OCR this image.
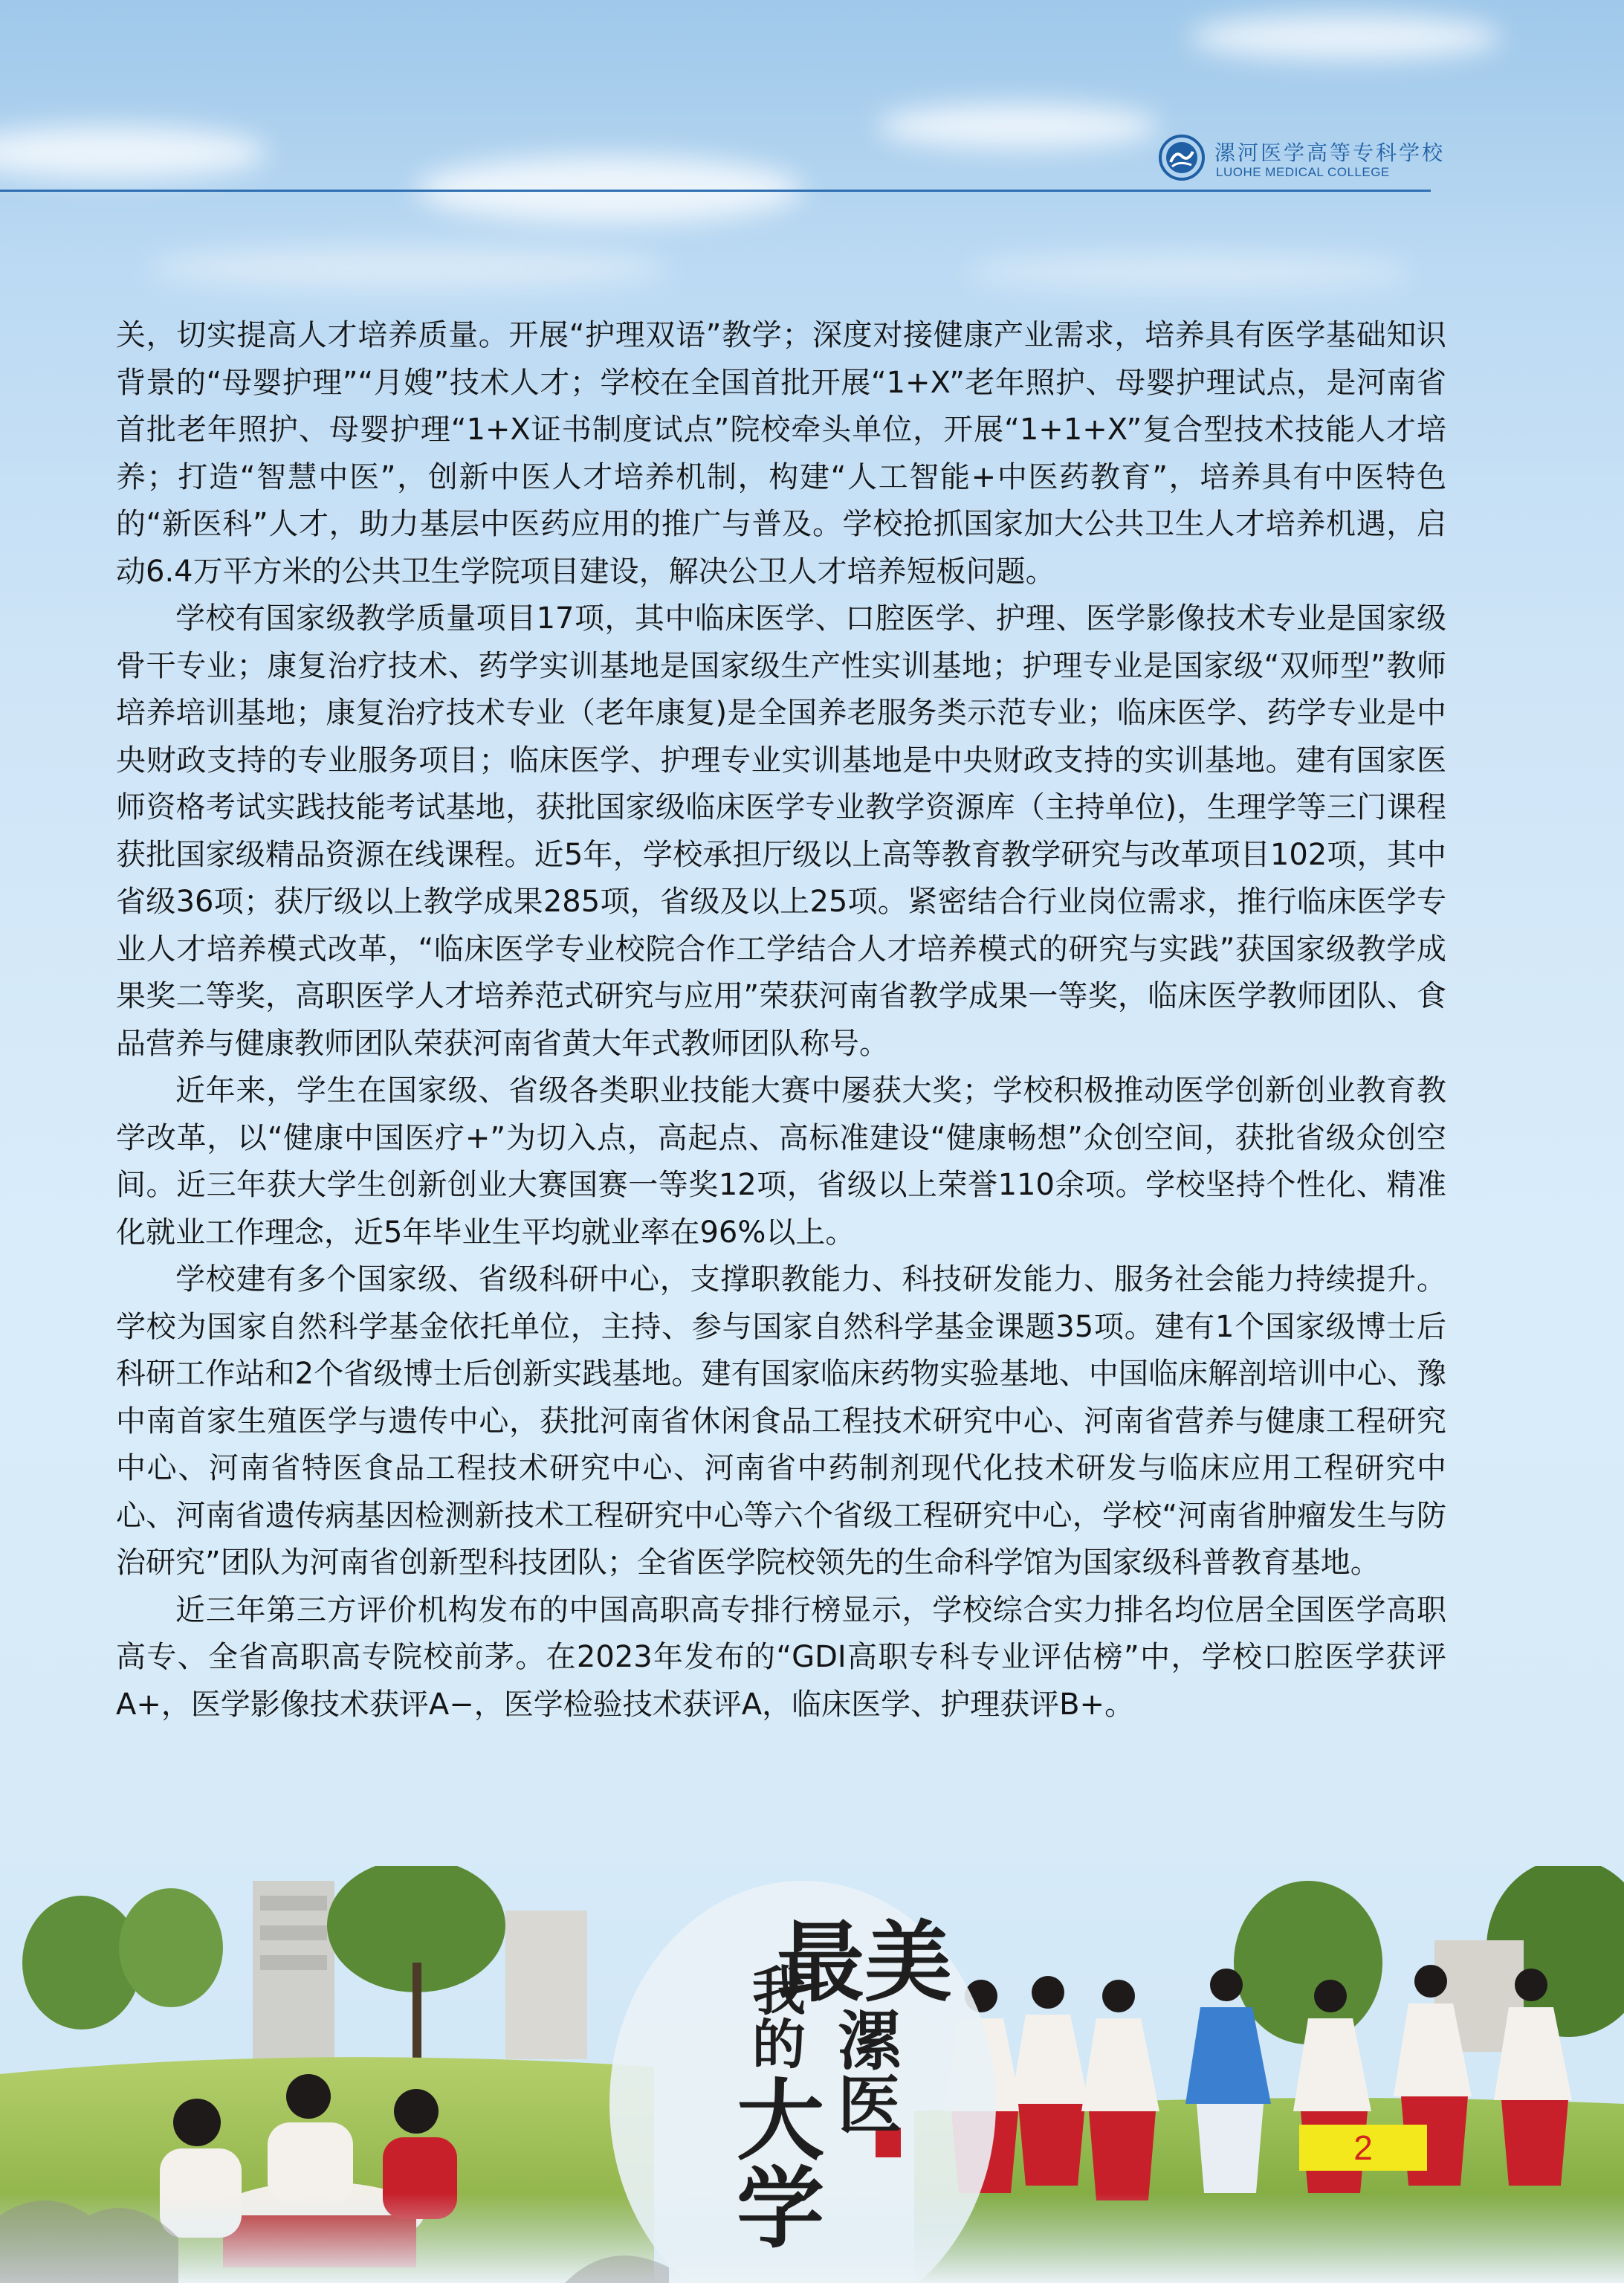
漯河医学高等专科学校
LUOHE MEDICAL COLLEGE

关，切实提高人才培养质量。开展“护理双语”教学；深度对接健康产业需求，培养具有医学基础知识背景的“母婴护理”“月嫂”技术人才；学校在全国首批开展“1+X”老年照护、母婴护理试点，是河南省首批老年照护、母婴护理“1+X证书制度试点”院校牵头单位，开展“1+1+X”复合型技术技能人才培养；打造“智慧中医”，创新中医人才培养机制，构建“人工智能+中医药教育”，培养具有中医特色的“新医科”人才，助力基层中医药应用的推广与普及。学校抢抓国家加大公共卫生人才培养机遇，启动6.4万平方米的公共卫生学院项目建设，解决公卫人才培养短板问题。

学校有国家级教学质量项目17项，其中临床医学、口腔医学、护理、医学影像技术专业是国家级骨干专业；康复治疗技术、药学实训基地是国家级生产性实训基地；护理专业是国家级“双师型”教师培养培训基地；康复治疗技术专业（老年康复)是全国养老服务类示范专业；临床医学、药学专业是中央财政支持的专业服务项目；临床医学、护理专业实训基地是中央财政支持的实训基地。建有国家医师资格考试实践技能考试基地，获批国家级临床医学专业教学资源库（主持单位)，生理学等三门课程获批国家级精品资源在线课程。近5年，学校承担厅级以上高等教育教学研究与改革项目102项，其中省级36项；获厅级以上教学成果285项，省级及以上25项。紧密结合行业岗位需求，推行临床医学专业人才培养模式改革，“临床医学专业校院合作工学结合人才培养模式的研究与实践”获国家级教学成果奖二等奖，高职医学人才培养范式研究与应用”荣获河南省教学成果一等奖，临床医学教师团队、食品营养与健康教师团队荣获河南省黄大年式教师团队称号。

近年来，学生在国家级、省级各类职业技能大赛中屡获大奖；学校积极推动医学创新创业教育教学改革，以“健康中国医疗+”为切入点，高起点、高标准建设“健康畅想”众创空间，获批省级众创空间。近三年获大学生创新创业大赛国赛一等奖12项，省级以上荣誉110余项。学校坚持个性化、精准化就业工作理念，近5年毕业生平均就业率在96%以上。

学校建有多个国家级、省级科研中心，支撑职教能力、科技研发能力、服务社会能力持续提升。学校为国家自然科学基金依托单位，主持、参与国家自然科学基金课题35项。建有1个国家级博士后科研工作站和2个省级博士后创新实践基地。建有国家临床药物实验基地、中国临床解剖培训中心、豫中南首家生殖医学与遗传中心，获批河南省休闲食品工程技术研究中心、河南省营养与健康工程研究中心、河南省特医食品工程技术研究中心、河南省中药制剂现代化技术研发与临床应用工程研究中心、河南省遗传病基因检测新技术工程研究中心等六个省级工程研究中心，学校“河南省肿瘤发生与防治研究”团队为河南省创新型科技团队；全省医学院校领先的生命科学馆为国家级科普教育基地。

近三年第三方评价机构发布的中国高职高专排行榜显示，学校综合实力排名均位居全国医学高职高专、全省高职高专院校前茅。在2023年发布的“GDI高职专科专业评估榜”中，学校口腔医学获评A+，医学影像技术获评A−，医学检验技术获评A，临床医学、护理获评B+。

最美
漯医
我的
大学	2
